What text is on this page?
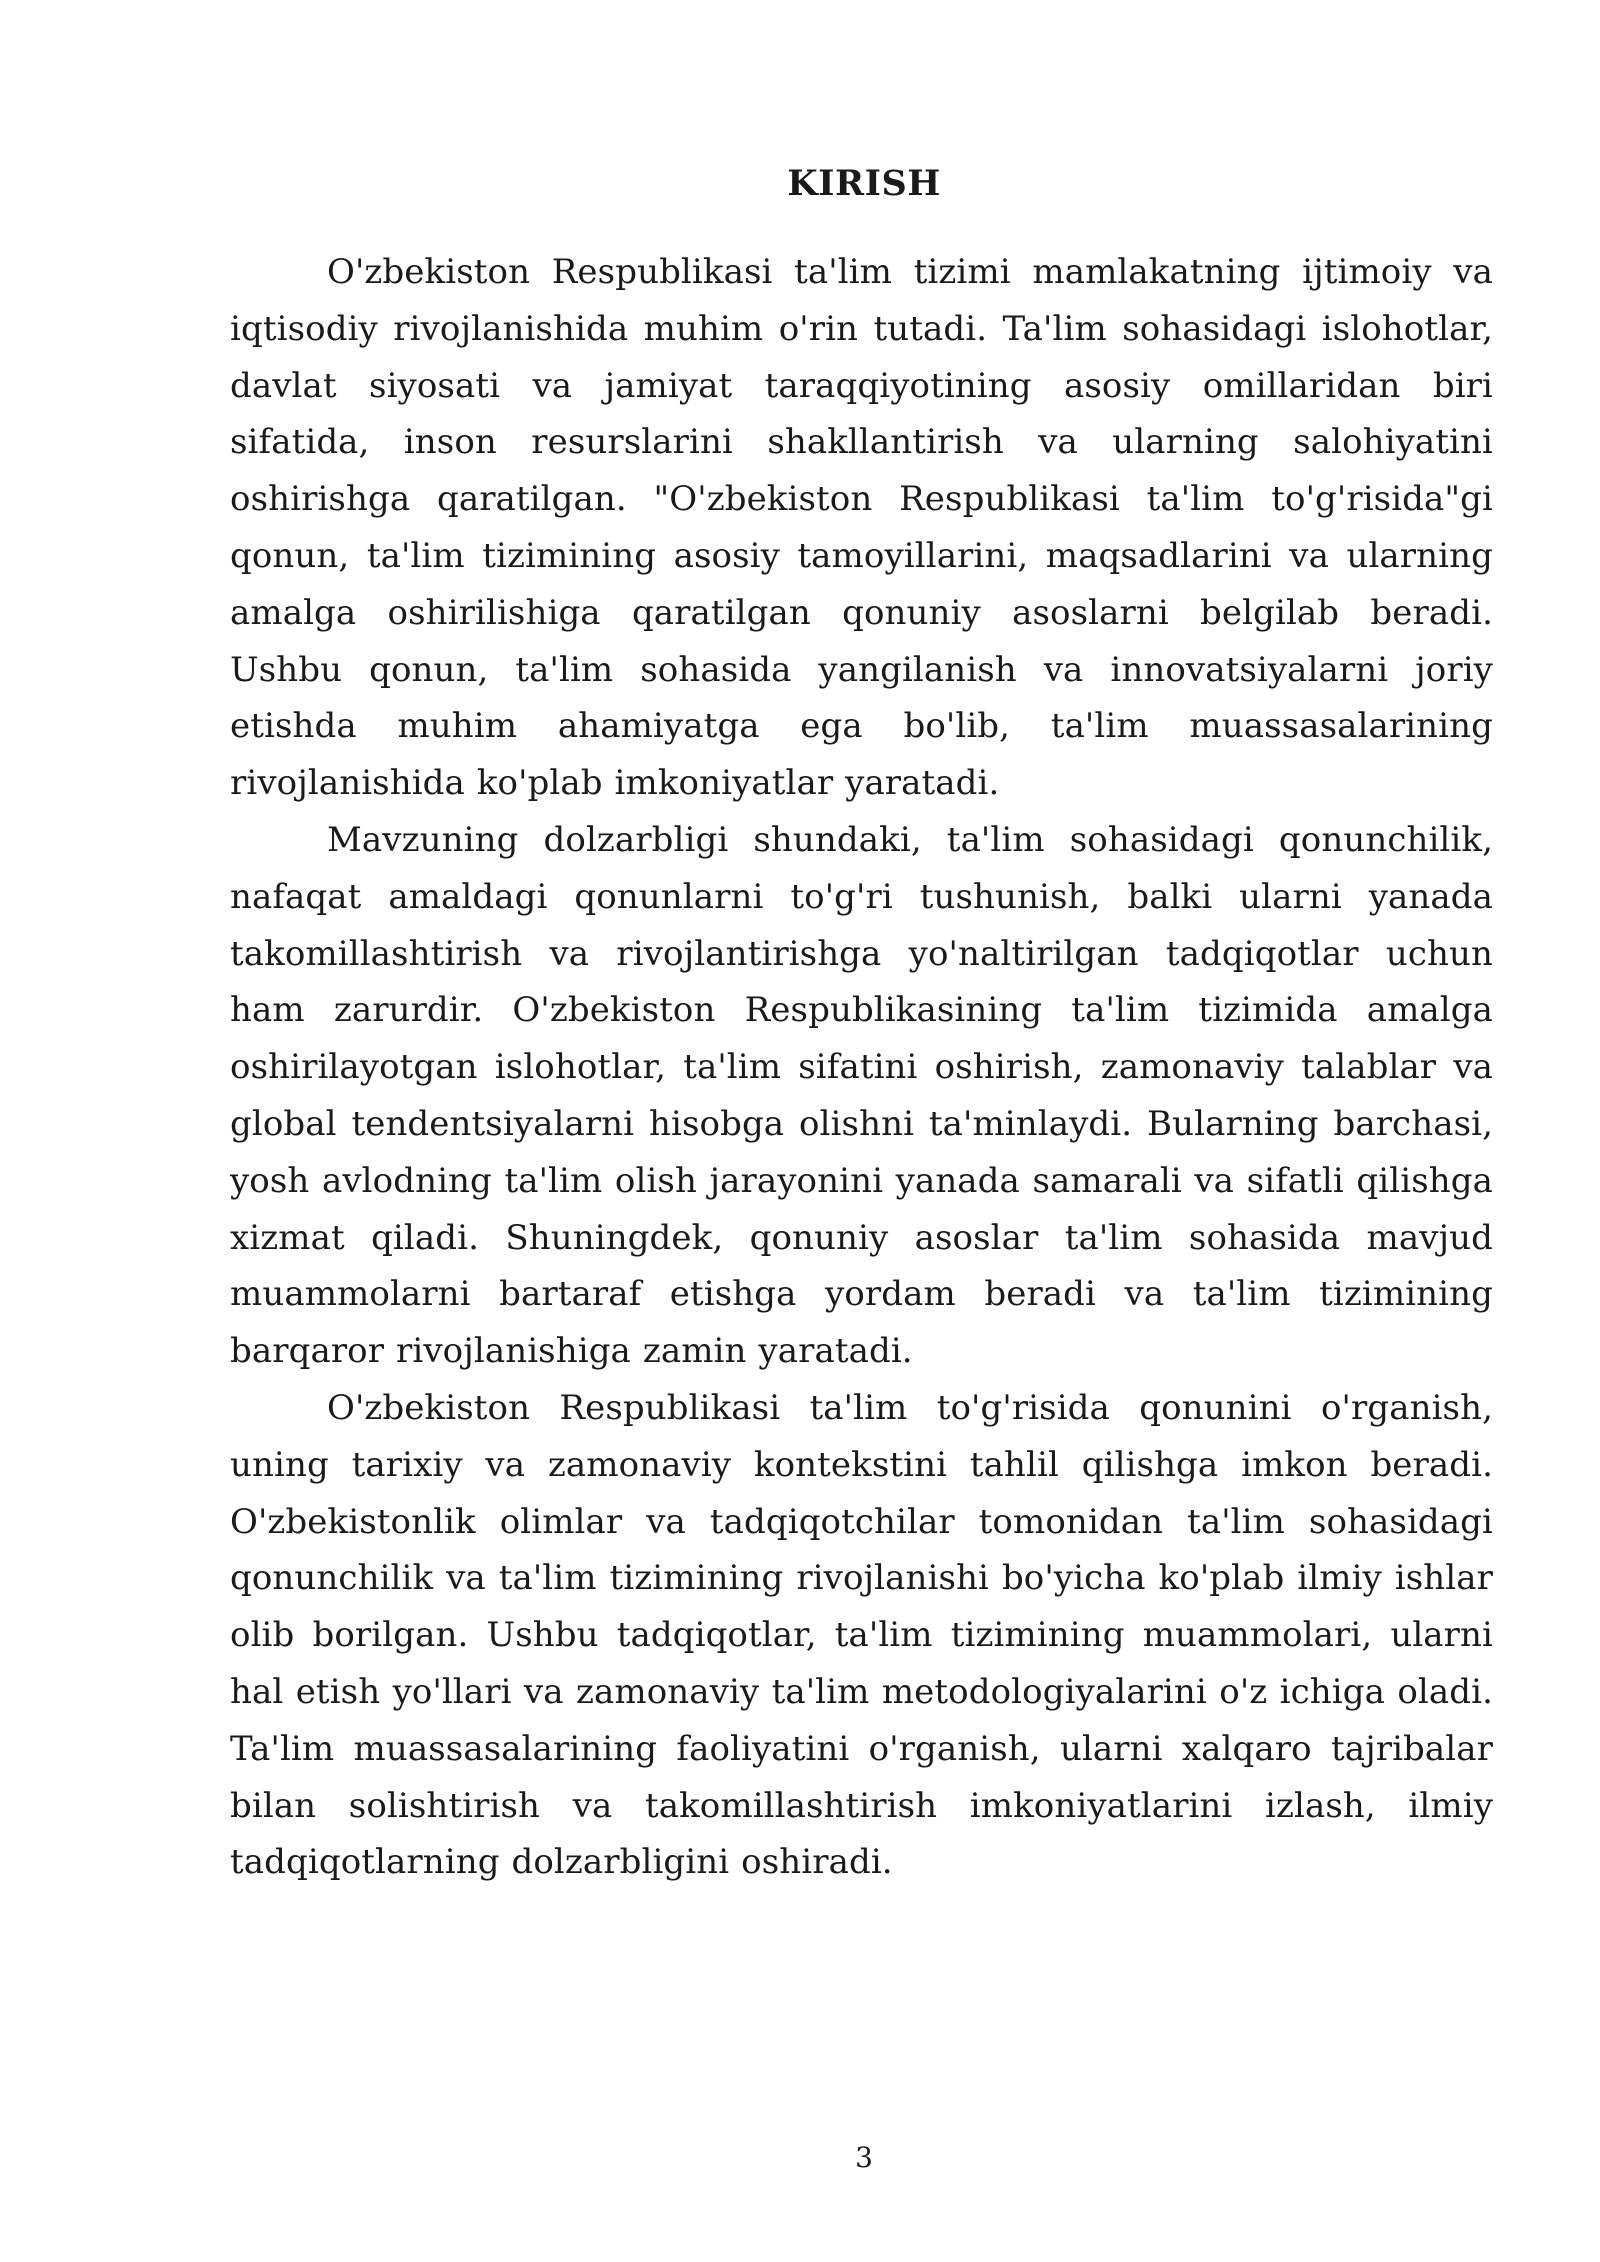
KIRISH

O'zbekiston Respublikasi ta'lim tizimi mamlakatning ijtimoiy va iqtisodiy rivojlanishida muhim o'rin tutadi. Ta'lim sohasidagi islohotlar, davlat siyosati va jamiyat taraqqiyotining asosiy omillaridan biri sifatida, inson resurslarini shakllantirish va ularning salohiyatini oshirishga qaratilgan. "O'zbekiston Respublikasi ta'lim to'g'risida"gi qonun, ta'lim tizimining asosiy tamoyillarini, maqsadlarini va ularning amalga oshirilishiga qaratilgan qonuniy asoslarni belgilab beradi. Ushbu qonun, ta'lim sohasida yangilanish va innovatsiyalarni joriy etishda muhim ahamiyatga ega bo'lib, ta'lim muassasalarining rivojlanishida ko'plab imkoniyatlar yaratadi.

Mavzuning dolzarbligi shundaki, ta'lim sohasidagi qonunchilik, nafaqat amaldagi qonunlarni to'g'ri tushunish, balki ularni yanada takomillashtirish va rivojlantirishga yo'naltirilgan tadqiqotlar uchun ham zarurdir. O'zbekiston Respublikasining ta'lim tizimida amalga oshirilayotgan islohotlar, ta'lim sifatini oshirish, zamonaviy talablar va global tendentsiyalarni hisobga olishni ta'minlaydi. Bularning barchasi, yosh avlodning ta'lim olish jarayonini yanada samarali va sifatli qilishga xizmat qiladi. Shuningdek, qonuniy asoslar ta'lim sohasida mavjud muammolarni bartaraf etishga yordam beradi va ta'lim tizimining barqaror rivojlanishiga zamin yaratadi.

O'zbekiston Respublikasi ta'lim to'g'risida qonunini o'rganish, uning tarixiy va zamonaviy kontekstini tahlil qilishga imkon beradi. O'zbekistonlik olimlar va tadqiqotchilar tomonidan ta'lim sohasidagi qonunchilik va ta'lim tizimining rivojlanishi bo'yicha ko'plab ilmiy ishlar olib borilgan. Ushbu tadqiqotlar, ta'lim tizimining muammolari, ularni hal etish yo'llari va zamonaviy ta'lim metodologiyalarini o'z ichiga oladi. Ta'lim muassasalarining faoliyatini o'rganish, ularni xalqaro tajribalar bilan solishtirish va takomillashtirish imkoniyatlarini izlash, ilmiy tadqiqotlarning dolzarbligini oshiradi.

3
